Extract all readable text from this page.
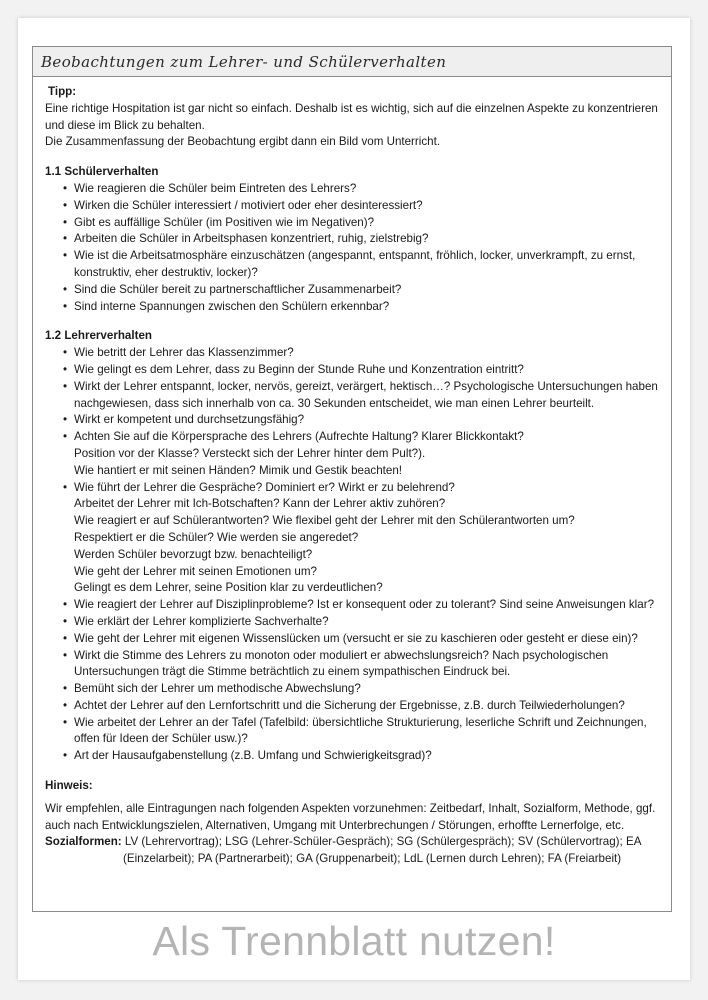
Beobachtungen zum Lehrer- und Schülerverhalten
Tipp:
Eine richtige Hospitation ist gar nicht so einfach. Deshalb ist es wichtig, sich auf die einzelnen Aspekte zu konzentrieren
und diese im Blick zu behalten.
Die Zusammenfassung der Beobachtung ergibt dann ein Bild vom Unterricht.
1.1 Schülerverhalten
• Wie reagieren die Schüler beim Eintreten des Lehrers?
• Wirken die Schüler interessiert / motiviert oder eher desinteressiert?
• Gibt es auffällige Schüler (im Positiven wie im Negativen)?
• Arbeiten die Schüler in Arbeitsphasen konzentriert, ruhig, zielstrebig?
• Wie ist die Arbeitsatmosphäre einzuschätzen (angespannt, entspannt, fröhlich, locker, unverkrampft, zu ernst,
konstruktiv, eher destruktiv, locker)?
• Sind die Schüler bereit zu partnerschaftlicher Zusammenarbeit?
• Sind interne Spannungen zwischen den Schülern erkennbar?
1.2 Lehrerverhalten
• Wie betritt der Lehrer das Klassenzimmer?
• Wie gelingt es dem Lehrer, dass zu Beginn der Stunde Ruhe und Konzentration eintritt?
• Wirkt der Lehrer entspannt, locker, nervös, gereizt, verärgert, hektisch…? Psychologische Untersuchungen haben
nachgewiesen, dass sich innerhalb von ca. 30 Sekunden entscheidet, wie man einen Lehrer beurteilt.
• Wirkt er kompetent und durchsetzungsfähig?
• Achten Sie auf die Körpersprache des Lehrers (Aufrechte Haltung? Klarer Blickkontakt?
Position vor der Klasse? Versteckt sich der Lehrer hinter dem Pult?).
Wie hantiert er mit seinen Händen? Mimik und Gestik beachten!
• Wie führt der Lehrer die Gespräche? Dominiert er? Wirkt er zu belehrend?
Arbeitet der Lehrer mit Ich-Botschaften? Kann der Lehrer aktiv zuhören?
Wie reagiert er auf Schülerantworten? Wie flexibel geht der Lehrer mit den Schülerantworten um?
Respektiert er die Schüler? Wie werden sie angeredet?
Werden Schüler bevorzugt bzw. benachteiligt?
Wie geht der Lehrer mit seinen Emotionen um?
Gelingt es dem Lehrer, seine Position klar zu verdeutlichen?
• Wie reagiert der Lehrer auf Disziplinprobleme? Ist er konsequent oder zu tolerant? Sind seine Anweisungen klar?
• Wie erklärt der Lehrer komplizierte Sachverhalte?
• Wie geht der Lehrer mit eigenen Wissenslücken um (versucht er sie zu kaschieren oder gesteht er diese ein)?
• Wirkt die Stimme des Lehrers zu monoton oder moduliert er abwechslungsreich? Nach psychologischen
Untersuchungen trägt die Stimme beträchtlich zu einem sympathischen Eindruck bei.
• Bemüht sich der Lehrer um methodische Abwechslung?
• Achtet der Lehrer auf den Lernfortschritt und die Sicherung der Ergebnisse, z.B. durch Teilwiederholungen?
• Wie arbeitet der Lehrer an der Tafel (Tafelbild: übersichtliche Strukturierung, leserliche Schrift und Zeichnungen,
offen für Ideen der Schüler usw.)?
• Art der Hausaufgabenstellung (z.B. Umfang und Schwierigkeitsgrad)?
Hinweis:
Wir empfehlen, alle Eintragungen nach folgenden Aspekten vorzunehmen: Zeitbedarf, Inhalt, Sozialform, Methode, ggf.
auch nach Entwicklungszielen, Alternativen, Umgang mit Unterbrechungen / Störungen, erhoffte Lernerfolge, etc.
Sozialformen: LV (Lehrervortrag); LSG (Lehrer-Schüler-Gespräch); SG (Schülergespräch); SV (Schülervortrag); EA
(Einzelarbeit); PA (Partnerarbeit); GA (Gruppenarbeit); LdL (Lernen durch Lehren); FA (Freiarbeit)
Als Trennblatt nutzen!
